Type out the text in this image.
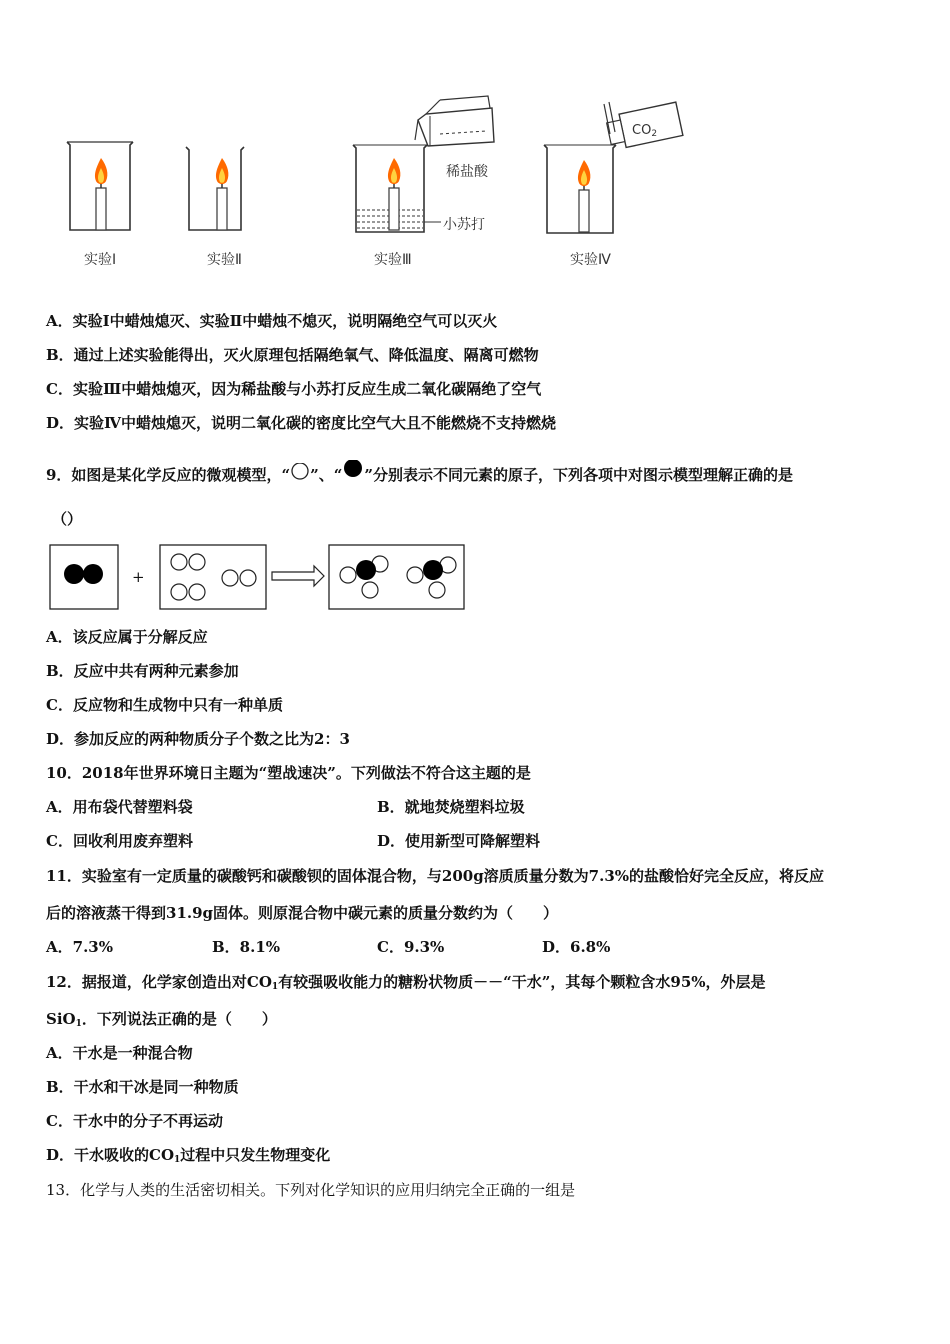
稀盐酸
小苏打
$CO_2$
实验Ⅰ	实验Ⅱ	实验Ⅲ	实验Ⅳ
A．实验Ⅰ中蜡烛熄灭、实验Ⅱ中蜡烛不熄灭，说明隔绝空气可以灭火
B．通过上述实验能得出，灭火原理包括隔绝氧气、降低温度、隔离可燃物
C．实验Ⅲ中蜡烛熄灭，因为稀盐酸与小苏打反应生成二氧化碳隔绝了空气
D．实验Ⅳ中蜡烛熄灭，说明二氧化碳的密度比空气大且不能燃烧不支持燃烧
9．如图是某化学反应的微观模型，“ ”、“ ”分别表示不同元素的原子，下列各项中对图示模型理解正确的是
（）
+
A．该反应属于分解反应
B．反应中共有两种元素参加
C．反应物和生成物中只有一种单质
D．参加反应的两种物质分子个数之比为2：3
10．2018年世界环境日主题为“塑战速决”。下列做法不符合这主题的是
A．用布袋代替塑料袋	B．就地焚烧塑料垃圾
C．回收利用废弃塑料	D．使用新型可降解塑料
11．实验室有一定质量的碳酸钙和碳酸钡的固体混合物，与200g溶质质量分数为7.3%的盐酸恰好完全反应，将反应
后的溶液蒸干得到31.9g固体。则原混合物中碳元素的质量分数约为（　　）
A．7.3%	B．8.1%	C．9.3%	D．6.8%
12．据报道，化学家创造出对$CO_1$有较强吸收能力的糖粉状物质－－“干水”，其每个颗粒含水95%，外层是
SiO$_1$．下列说法正确的是（　　）
A．干水是一种混合物
B．干水和干冰是同一种物质
C．干水中的分子不再运动
D．干水吸收的$CO_1$过程中只发生物理变化
13．化学与人类的生活密切相关。下列对化学知识的应用归纳完全正确的一组是
